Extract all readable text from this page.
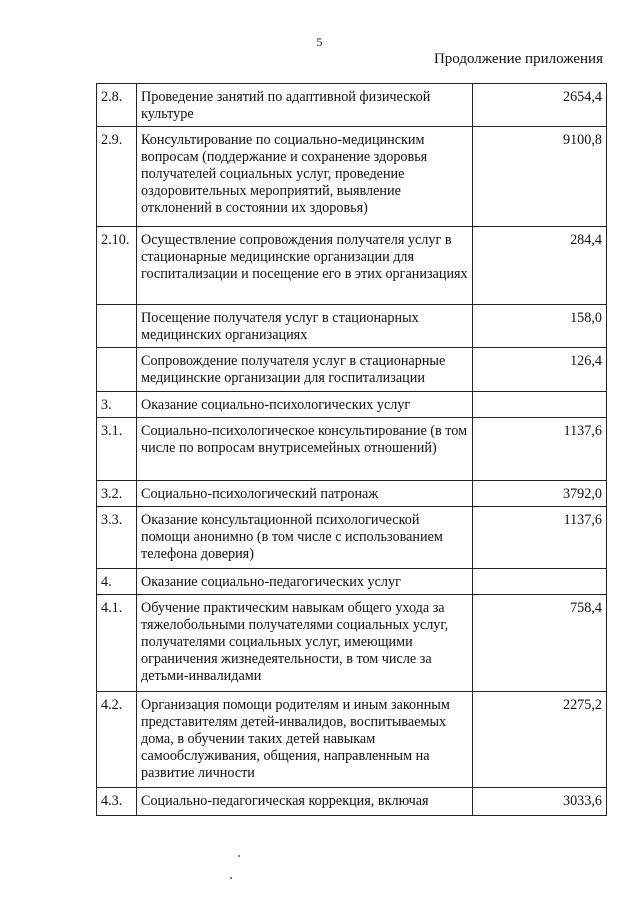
5
Продолжение приложения
2.8.	Проведение занятий по адаптивной физической культуре	2654,4
2.9.	Консультирование по социально-медицинским вопросам (поддержание и сохранение здоровья получателей социальных услуг, проведение оздоровительных мероприятий, выявление отклонений в состоянии их здоровья)	9100,8
2.10.	Осуществление сопровождения получателя услуг в стационарные медицинские организации для госпитализации и посещение его в этих организациях	284,4
	Посещение получателя услуг в стационарных медицинских организациях	158,0
	Сопровождение получателя услуг в стационарные медицинские организации для госпитализации	126,4
3.	Оказание социально-психологических услуг	
3.1.	Социально-психологическое консультирование (в том числе по вопросам внутрисемейных отношений)	1137,6
3.2.	Социально-психологический патронаж	3792,0
3.3.	Оказание консультационной психологической помощи анонимно (в том числе с использованием телефона доверия)	1137,6
4.	Оказание социально-педагогических услуг	
4.1.	Обучение практическим навыкам общего ухода за тяжелобольными получателями социальных услуг, получателями социальных услуг, имеющими ограничения жизнедеятельности, в том числе за детьми-инвалидами	758,4
4.2.	Организация помощи родителям и иным законным представителям детей-инвалидов, воспитываемых дома, в обучении таких детей навыкам самообслуживания, общения, направленным на развитие личности	2275,2
4.3.	Социально-педагогическая коррекция, включая	3033,6
